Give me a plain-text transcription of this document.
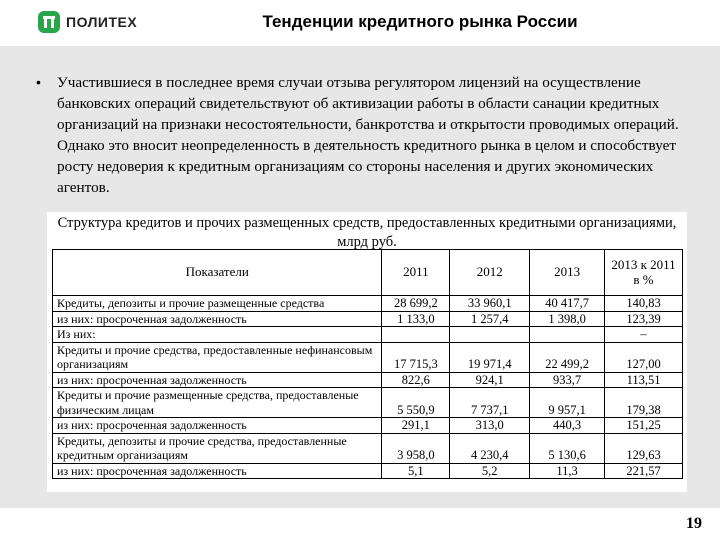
ПОЛИТЕХ	Тенденции кредитного рынка России
• Участившиеся в последнее время случаи отзыва регулятором лицензий на осуществление банковских операций свидетельствуют об активизации работы в области санации кредитных организаций на признаки несостоятельности, банкротства и открытости проводимых операций. Однако это вносит неопределенность в деятельность кредитного рынка в целом и способствует росту недоверия к кредитным организациям со стороны населения и других экономических агентов.
Структура кредитов и прочих размещенных средств, предоставленных кредитными организациями, млрд руб.
Показатели	2011	2012	2013	2013 к 2011 в %
Кредиты, депозиты и прочие размещенные средства	28 699,2	33 960,1	40 417,7	140,83
из них: просроченная задолженность	1 133,0	1 257,4	1 398,0	123,39
Из них:				–
Кредиты и прочие средства, предоставленные нефинансовым организациям	17 715,3	19 971,4	22 499,2	127,00
из них: просроченная задолженность	822,6	924,1	933,7	113,51
Кредиты и прочие размещенные средства, предоставленые физическим лицам	5 550,9	7 737,1	9 957,1	179,38
из них: просроченная задолженность	291,1	313,0	440,3	151,25
Кредиты, депозиты и прочие средства, предоставленные кредитным организациям	3 958,0	4 230,4	5 130,6	129,63
из них: просроченная задолженность	5,1	5,2	11,3	221,57
19
